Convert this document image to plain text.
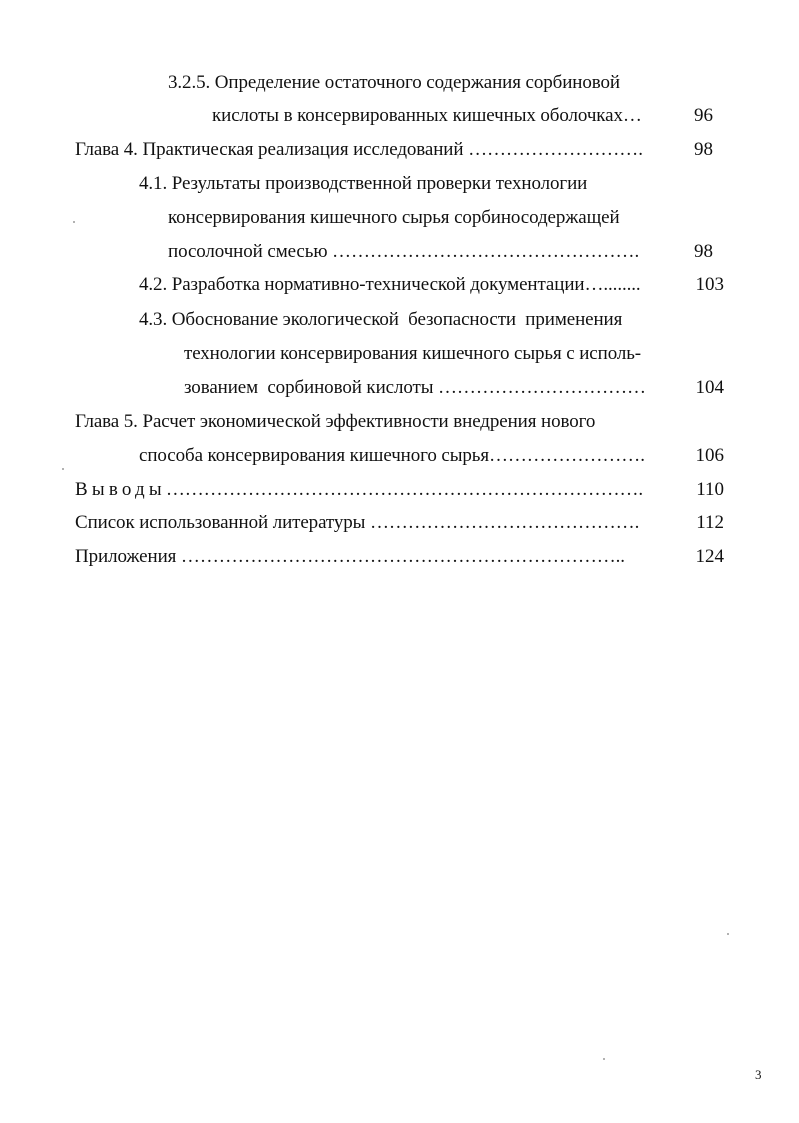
3.2.5. Определение остаточного содержания сорбиновой
кислоты в консервированных кишечных оболочках…	96
Глава 4. Практическая реализация исследований ……………………….	98
4.1. Результаты производственной проверки технологии
консервирования кишечного сырья сорбиносодержащей
посолочной смесью ………………………………………….	98
4.2. Разработка нормативно-технической документации…........	103
4.3. Обоснование экологической  безопасности  применения
технологии консервирования кишечного сырья с исполь-
зованием  сорбиновой кислоты ……………………………	104
Глава 5. Расчет экономической эффективности внедрения нового
способа консервирования кишечного сырья…………………….	106
Выводы………………………………………………………………….	110
Список использованной литературы …………………………………….	112
Приложения ……………………………………………………………..	124
3
